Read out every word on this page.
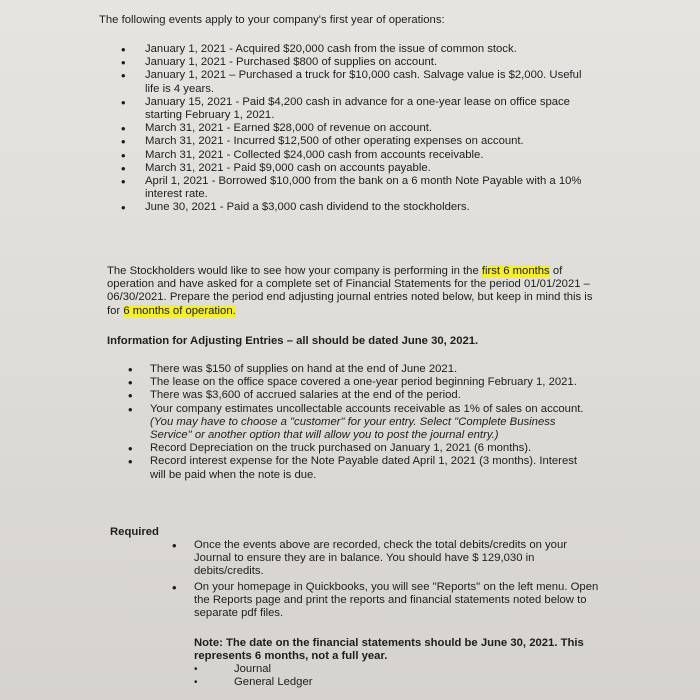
The following events apply to your company's first year of operations:
• January 1, 2021 - Acquired $20,000 cash from the issue of common stock.
• January 1, 2021 - Purchased $800 of supplies on account.
• January 1, 2021 – Purchased a truck for $10,000 cash. Salvage value is $2,000. Useful life is 4 years.
• January 15, 2021 - Paid $4,200 cash in advance for a one-year lease on office space starting February 1, 2021.
• March 31, 2021 - Earned $28,000 of revenue on account.
• March 31, 2021 - Incurred $12,500 of other operating expenses on account.
• March 31, 2021 - Collected $24,000 cash from accounts receivable.
• March 31, 2021 - Paid $9,000 cash on accounts payable.
• April 1, 2021 - Borrowed $10,000 from the bank on a 6 month Note Payable with a 10% interest rate.
• June 30, 2021 - Paid a $3,000 cash dividend to the stockholders.
The Stockholders would like to see how your company is performing in the first 6 months of operation and have asked for a complete set of Financial Statements for the period 01/01/2021 – 06/30/2021. Prepare the period end adjusting journal entries noted below, but keep in mind this is for 6 months of operation.
Information for Adjusting Entries – all should be dated June 30, 2021.
• There was $150 of supplies on hand at the end of June 2021.
• The lease on the office space covered a one-year period beginning February 1, 2021.
• There was $3,600 of accrued salaries at the end of the period.
• Your company estimates uncollectable accounts receivable as 1% of sales on account. (You may have to choose a "customer" for your entry. Select "Complete Business Service" or another option that will allow you to post the journal entry.)
• Record Depreciation on the truck purchased on January 1, 2021 (6 months).
• Record interest expense for the Note Payable dated April 1, 2021 (3 months). Interest will be paid when the note is due.
Required
• Once the events above are recorded, check the total debits/credits on your Journal to ensure they are in balance. You should have $ 129,030 in debits/credits.
• On your homepage in Quickbooks, you will see "Reports" on the left menu. Open the Reports page and print the reports and financial statements noted below to separate pdf files.
Note: The date on the financial statements should be June 30, 2021. This represents 6 months, not a full year.
•	Journal
•	General Ledger
